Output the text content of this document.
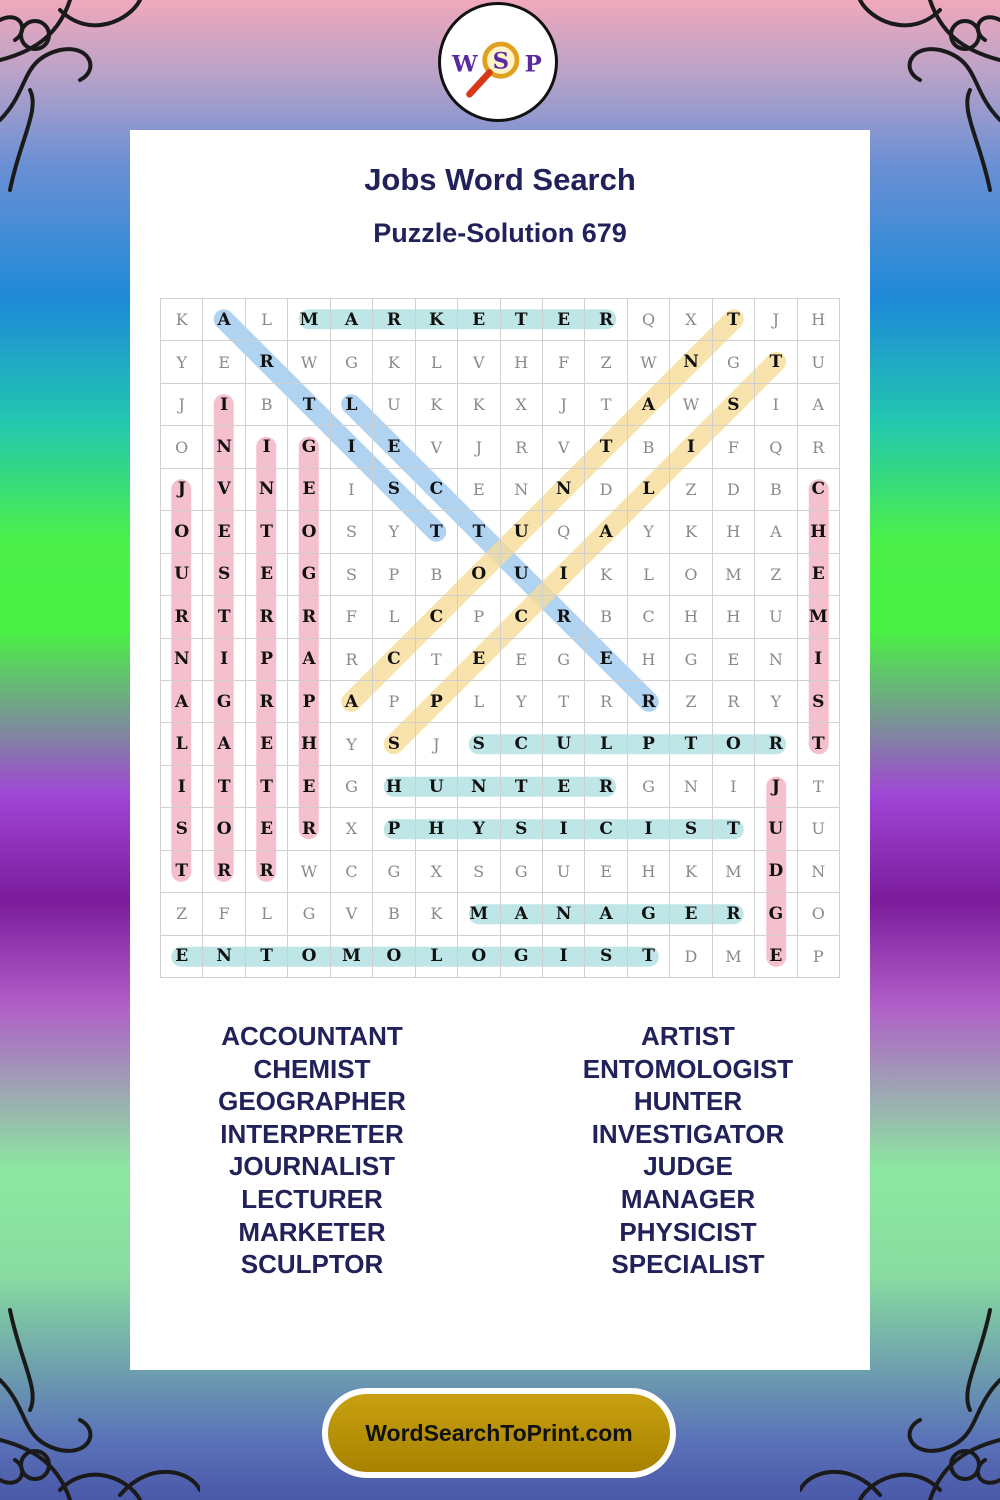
W S P
Jobs Word Search
Puzzle-Solution 679
K	A	L	M	A	R	K	E	T	E	R	Q	X	T	J	H
Y	E	R	W	G	K	L	V	H	F	Z	W	N	G	T	U
J	I	B	T	L	U	K	K	X	J	T	A	W	S	I	A
O	N	I	G	I	E	V	J	R	V	T	B	I	F	Q	R
J	V	N	E	I	S	C	E	N	N	D	L	Z	D	B	C
O	E	T	O	S	Y	T	T	U	Q	A	Y	K	H	A	H
U	S	E	G	S	P	B	O	U	I	K	L	O	M	Z	E
R	T	R	R	F	L	C	P	C	R	B	C	H	H	U	M
N	I	P	A	R	C	T	E	E	G	E	H	G	E	N	I
A	G	R	P	A	P	P	L	Y	T	R	R	Z	R	Y	S
L	A	E	H	Y	S	J	S	C	U	L	P	T	O	R	T
I	T	T	E	G	H	U	N	T	E	R	G	N	I	J	T
S	O	E	R	X	P	H	Y	S	I	C	I	S	T	U	U
T	R	R	W	C	G	X	S	G	U	E	H	K	M	D	N
Z	F	L	G	V	B	K	M	A	N	A	G	E	R	G	O
E	N	T	O	M	O	L	O	G	I	S	T	D	M	E	P
ACCOUNTANT
CHEMIST
GEOGRAPHER
INTERPRETER
JOURNALIST
LECTURER
MARKETER
SCULPTOR
ARTIST
ENTOMOLOGIST
HUNTER
INVESTIGATOR
JUDGE
MANAGER
PHYSICIST
SPECIALIST
WordSearchToPrint.com
